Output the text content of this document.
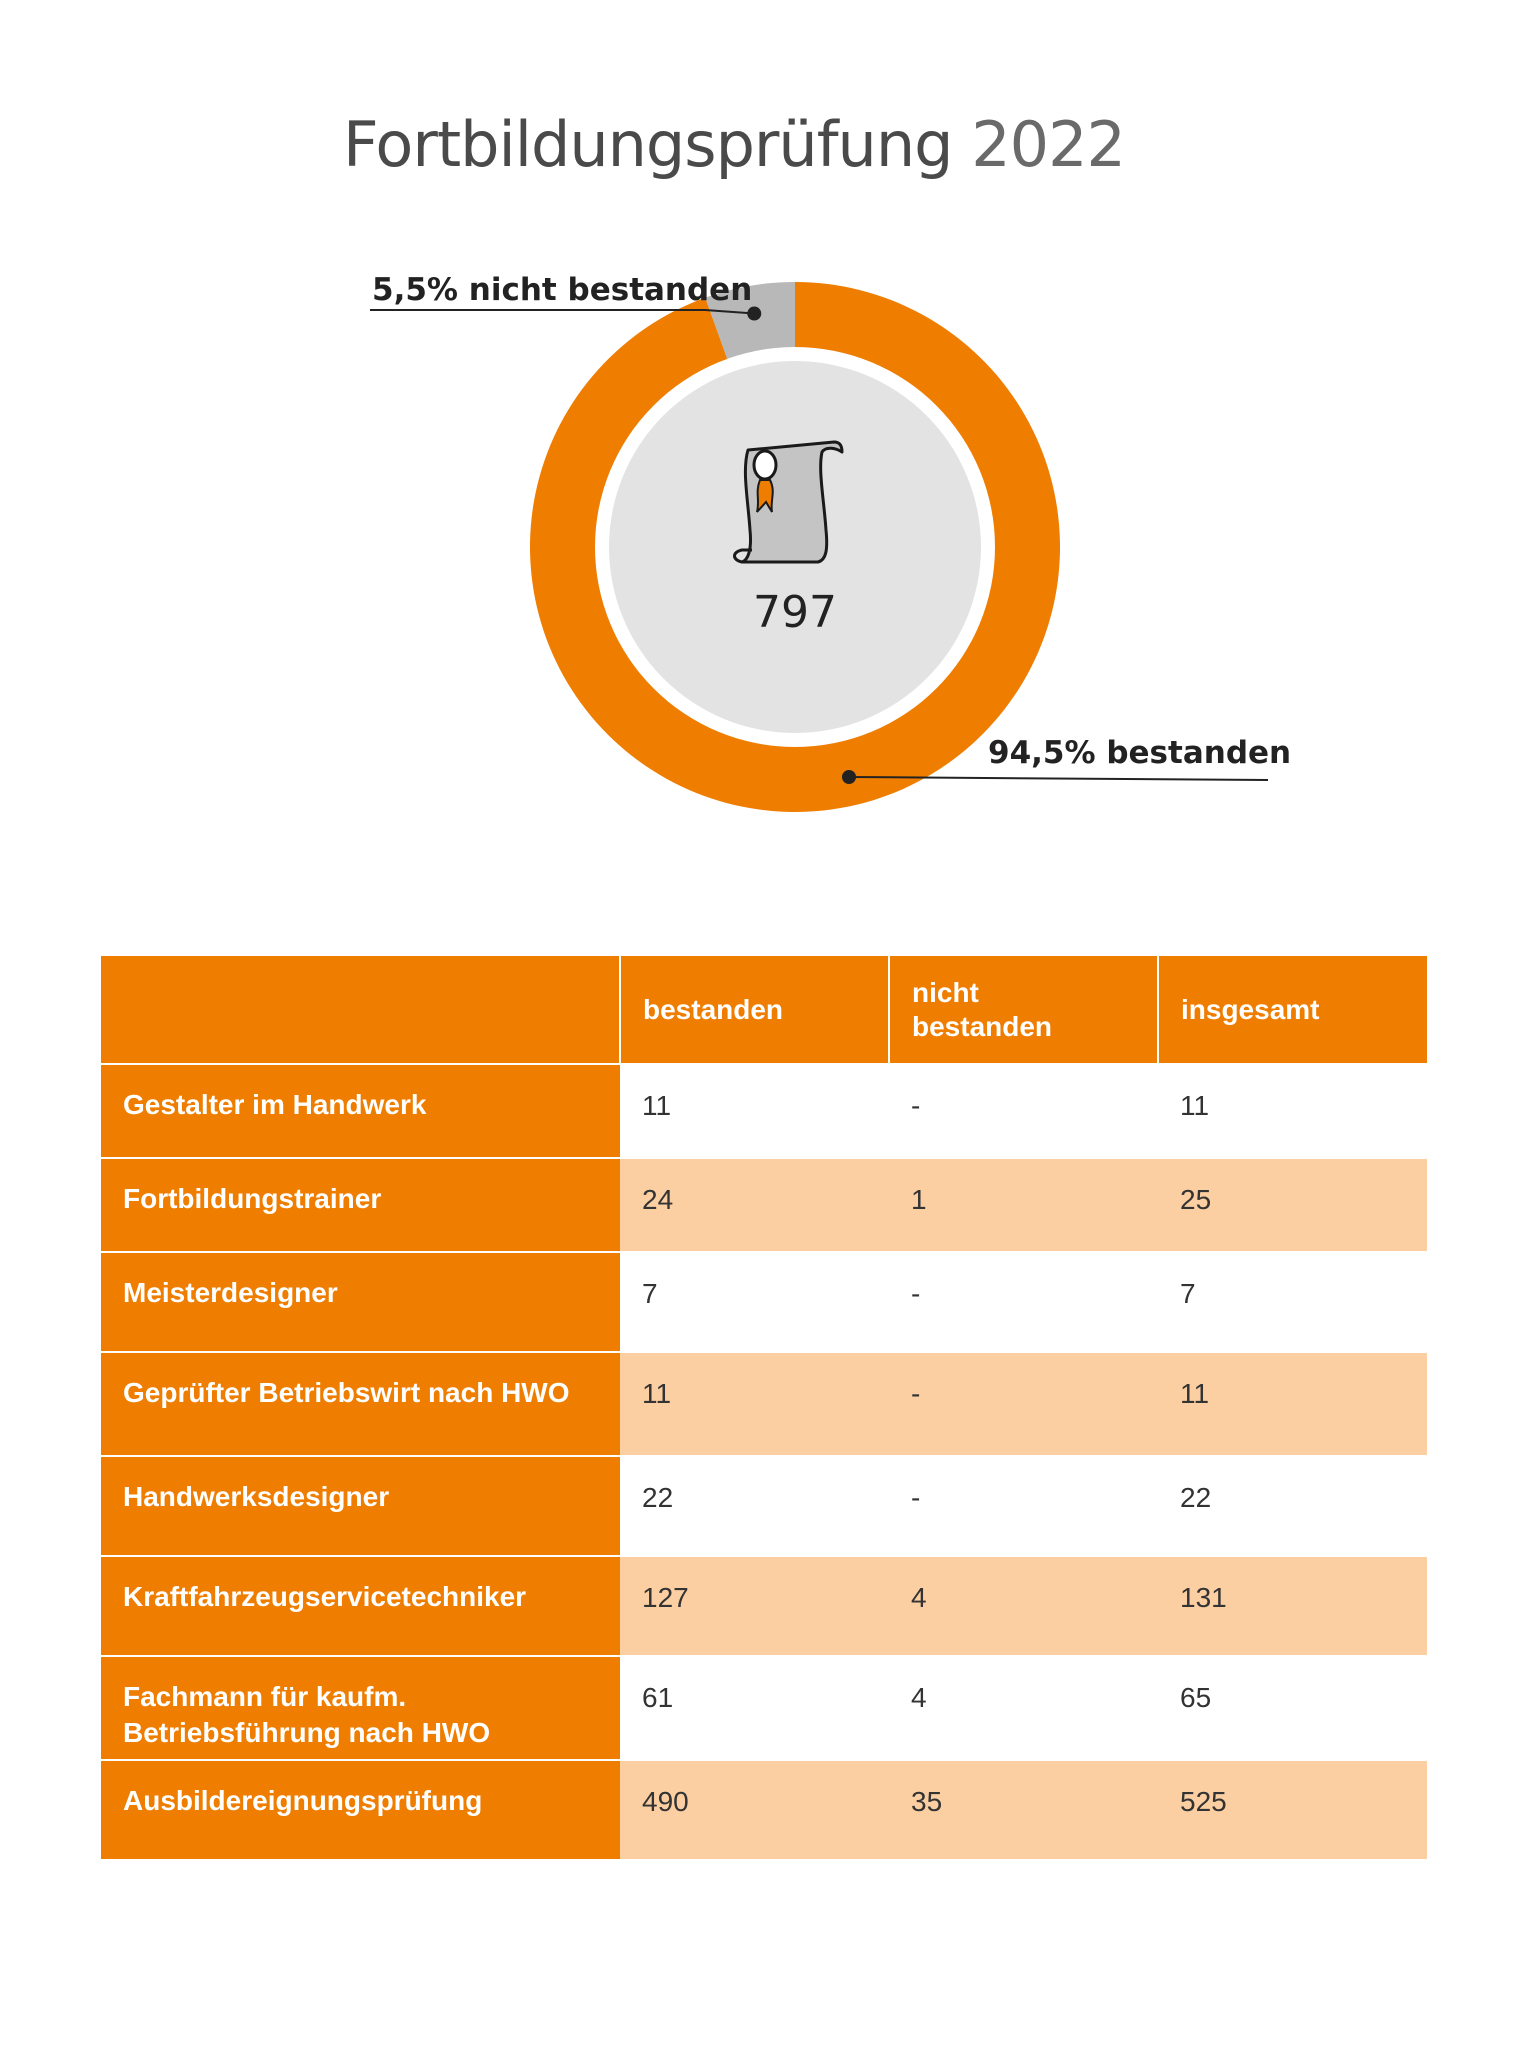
Fortbildungsprüfung 2022
797
5,5% nicht bestanden
94,5% bestanden
	bestanden	nicht bestanden	insgesamt
Gestalter im Handwerk	11	-	11
Fortbildungstrainer	24	1	25
Meisterdesigner	7	-	7
Geprüfter Betriebswirt nach HWO	11	-	11
Handwerksdesigner	22	-	22
Kraftfahrzeugservicetechniker	127	4	131
Fachmann für kaufm. Betriebsführung nach HWO	61	4	65
Ausbildereignungsprüfung	490	35	525
